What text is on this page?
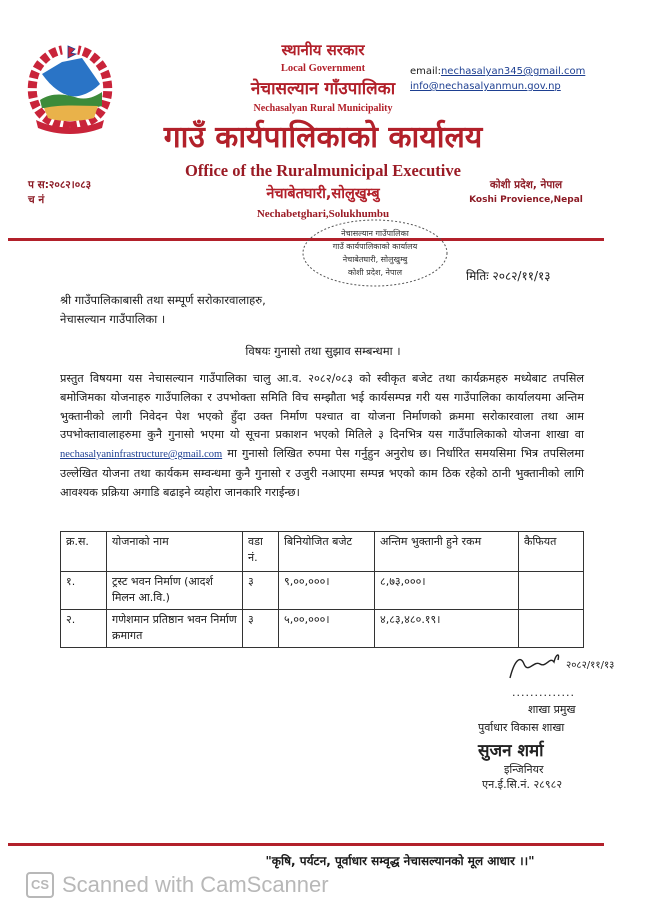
स्थानीय सरकार
Local Government
नेचासल्यान गाँउपालिका
Nechasalyan Rural Municipality
गाउँ कार्यपालिकाको कार्यालय
Office of the Ruralmunicipal Executive
नेचाबेतघारी,सोलुखुम्बु
Nechabetghari,Solukhumbu
email:nechasalyan345@gmail.com
info@nechasalyanmun.gov.np
प स:२०८२।०८३
च नं
कोशी प्रदेश, नेपाल
Koshi Provience,Nepal
नेचासल्यान गाउँपालिका
गाउँ कार्यपालिकाको कार्यालय
नेचाबेतघारी, सोलुखुम्बु
कोशी प्रदेश, नेपाल	मितिः २०८२/११/१३
श्री गाउँपालिकाबासी तथा सम्पूर्ण सरोकारवालाहरु,
नेचासल्यान गाउँपालिका ।
विषयः गुनासो तथा सुझाव सम्बन्धमा ।
प्रस्तुत विषयमा यस नेचासल्यान गाउँपालिका चालु आ.व. २०८२/०८३ को स्वीकृत बजेट तथा कार्यक्रमहरु मध्येबाट तपसिल बमोजिमका योजनाहरु गाउँपालिका र उपभोक्ता समिति विच सम्झौता भई कार्यसम्पन्न गरी यस गाउँपालिका कार्यालयमा अन्तिम भुक्तानीको लागी निवेदन पेश भएको हुँदा उक्त निर्माण पश्चात वा योजना निर्माणको क्रममा सरोकारवाला तथा आम उपभोक्तावालाहरुमा कुनै गुनासो भएमा यो सूचना प्रकाशन भएको मितिले ३ दिनभित्र यस गाउँपालिकाको योजना शाखा वा nechasalyaninfrastructure@gmail.com मा गुनासो लिखित रुपमा पेस गर्नुहुन अनुरोध छ। निर्धारित समयसिमा भित्र तपसिलमा उल्लेखित योजना तथा कार्यकम सम्वन्धमा कुनै गुनासो र उजुरी नआएमा सम्पन्न भएको काम ठिक रहेको ठानी भुक्तानीको लागि आवश्यक प्रक्रिया अगाडि बढाइने व्यहोरा जानकारि गराईन्छ।
क्र.स.	योजनाको नाम	वडा नं.	बिनियोजित बजेट	अन्तिम भुक्तानी हुने रकम	कैफियत
१.	ट्रस्ट भवन निर्माण (आदर्श मिलन आ.वि.)	३	९,००,०००।	८,७३,०००।	
२.	गणेशमान प्रतिष्ठान भवन निर्माण क्रमागत	३	५,००,०००।	४,८३,४८०.१९।	
२०८२/११/१३
..............
शाखा प्रमुख
पुर्वाधार विकास शाखा
सुजन शर्मा
इन्जिनियर
एन.ई.सि.नं. २८९८२
"कृषि, पर्यटन, पूर्वाधार सम्वृद्ध नेचासल्यानको मूल आधार ।।"
CS Scanned with CamScanner
